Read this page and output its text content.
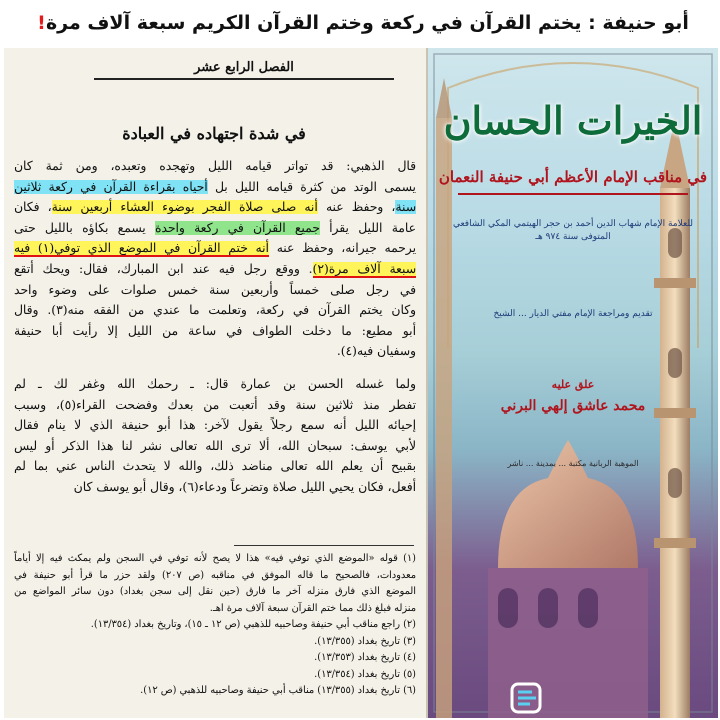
أبو حنيفة : يختم القرآن في ركعة وختم القرآن الكريم سبعة آلاف مرة
!
الفصل الرابع عشر
في شدة اجتهاده في العبادة
قال الذهبي: قد تواتر قيامه الليل وتهجده وتعبده، ومن ثمة كان
يسمى الوتد من كثرة قيامه الليل بل أحياه بقراءة القرآن في ركعة ثلاثين
سنة، وحفظ عنه أنه صلى صلاة الفجر بوضوء العشاء أربعين سنة، فكان
عامة الليل يقرأ جميع القرآن في ركعة واحدة يسمع بكاؤه بالليل حتى
يرحمه جيرانه، وحفظ عنه أنه ختم القرآن في الموضع الذي توفي(١) فيه
سبعة آلاف مرة(٢). ووقع رجل فيه عند ابن المبارك، فقال: ويحك أتقع
في رجل صلى خمساً وأربعين سنة خمس صلوات على وضوء واحد
وكان يختم القرآن في ركعة، وتعلمت ما عندي من الفقه منه(٣). وقال
أبو مطيع: ما دخلت الطواف في ساعة من الليل إلا رأيت أبا حنيفة
وسفيان فيه(٤).
ولما غسله الحسن بن عمارة قال: ـ رحمك الله وغفر لك ـ لم
تفطر منذ ثلاثين سنة وقد أتعبت من بعدك وفضحت القراء(٥)، وسبب
إحيائه الليل أنه سمع رجلاً يقول لآخر: هذا أبو حنيفة الذي لا ينام فقال
لأبي يوسف: سبحان الله، ألا ترى الله تعالى نشر لنا هذا الذكر أو ليس
بقبيح أن يعلم الله تعالى مناضد ذلك، والله لا يتحدث الناس عني بما لم
أفعل، فكان يحيي الليل صلاة وتضرعاً ودعاء(٦)، وقال أبو يوسف كان
(١) قوله «الموضع الذي توفي فيه» هذا لا يصح لأنه توفي في السجن ولم يمكث فيه إلا أياماً
معدودات، فالصحيح ما قاله الموفق في مناقبه (ص ٢٠٧) ولقد حزر ما قرأ أبو حنيفة في
الموضع الذي فارق منزله آخر ما فارق (حين نقل إلى سجن بغداد) دون سائر المواضع من
منزله فبلغ ذلك مما ختم القرآن سبعة آلاف مرة اهـ.
(٢) راجع مناقب أبي حنيفة وصاحبيه للذهبي (ص ١٢ ـ ١٥)، وتاريخ بغداد (١٣/٣٥٤).
(٣) تاريخ بغداد (١٣/٣٥٥).
(٤) تاريخ بغداد (١٣/٣٥٣).
(٥) تاريخ بغداد (١٣/٣٥٤).
(٦) تاريخ بغداد (١٣/٣٥٥) مناقب أبي حنيفة وصاحبيه للذهبي (ص ١٢).
الخيرات الحسان
في مناقب الإمام الأعظم أبي حنيفة النعمان
للعلامة الإمام شهاب الدين أحمد بن حجر الهيتمي المكي الشافعي
المتوفى سنة ٩٧٤ هـ
تقديم ومراجعة الإمام مفتي الديار ... الشيخ
علق عليه
محمد عاشق إلهي البرني
الموهبة الربانية مكتبة ... بمدينة ... ناشر
